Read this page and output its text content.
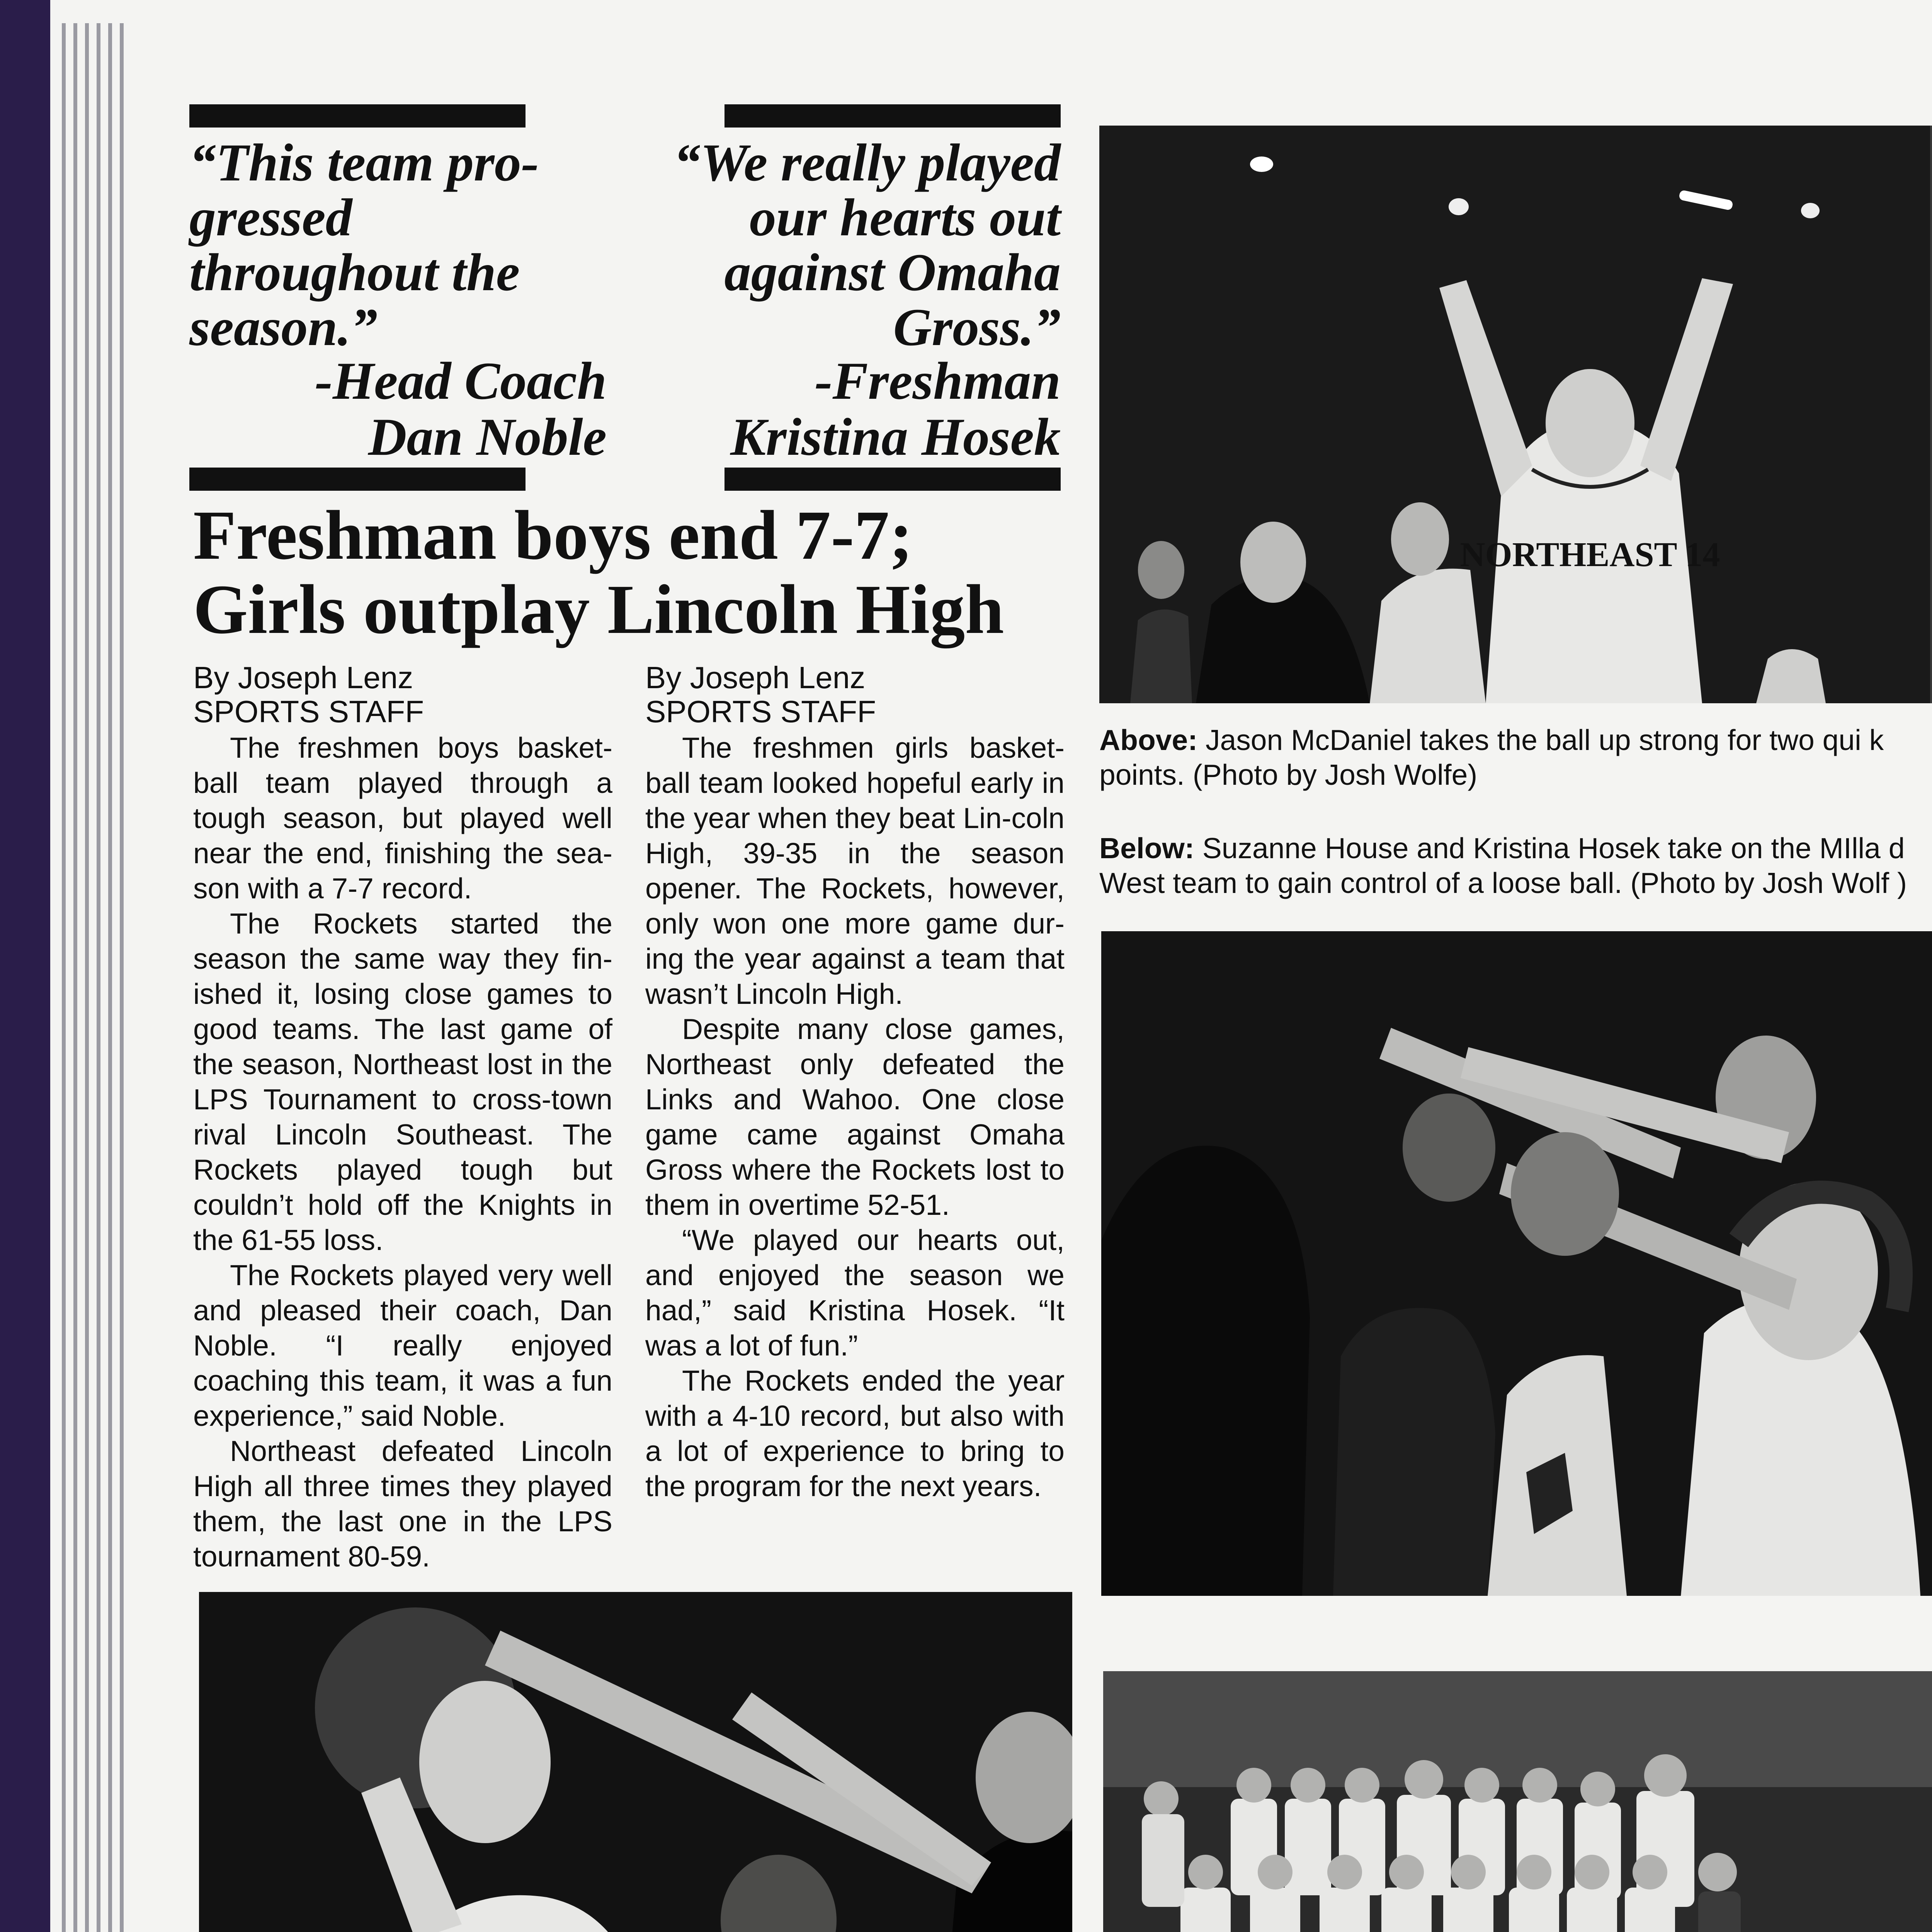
“This team pro- gressed throughout the season.”
-Head Coach
Dan Noble
“We really played our hearts out against Omaha Gross.”
-Freshman
Kristina Hosek
Freshman boys end 7-7;
Girls outplay Lincoln High
By Joseph Lenz
SPORTS STAFF

The freshmen boys basket-ball team played through a tough season, but played well near the end, finishing the sea-son with a 7-7 record.

The Rockets started the season the same way they fin-ished it, losing close games to good teams. The last game of the season, Northeast lost in the LPS Tournament to cross-town rival Lincoln Southeast. The Rockets played tough but couldn’t hold off the Knights in the 61-55 loss.

The Rockets played very well and pleased their coach, Dan Noble. “I really enjoyed coaching this team, it was a fun experience,” said Noble.

Northeast defeated Lincoln High all three times they played them, the last one in the LPS tournament 80-59.

By Joseph Lenz
SPORTS STAFF

The freshmen girls basket-ball team looked hopeful early in the year when they beat Lin-coln High, 39-35 in the season opener. The Rockets, however, only won one more game dur-ing the year against a team that wasn’t Lincoln High.

Despite many close games, Northeast only defeated the Links and Wahoo. One close game came against Omaha Gross where the Rockets lost to them in overtime 52-51.

“We played our hearts out, and enjoyed the season we had,” said Kristina Hosek. “It was a lot of fun.”

The Rockets ended the year with a 4-10 record, but also with a lot of experience to bring to the program for the next years.

NORTHEAST 14
Above: Jason McDaniel takes the ball up strong for two qui k points. (Photo by Josh Wolfe)
Below: Suzanne House and Kristina Hosek take on the MIlla d West team to gain control of a loose ball. (Photo by Josh Wolf )
